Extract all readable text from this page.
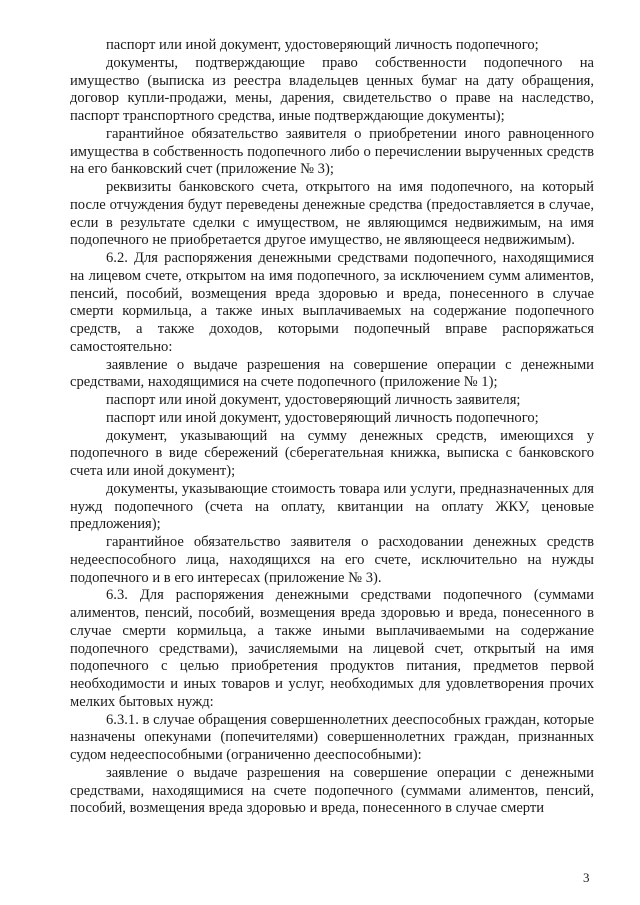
паспорт или иной документ, удостоверяющий личность подопечного;

документы, подтверждающие право собственности подопечного на имуществo (выписка из реестра владельцев ценных бумаг на дату обращения, договор купли-продажи, мены, дарения, свидетельство о праве на наследство, паспорт транспортного средства, иные подтверждающие документы);

гарантийное обязательство заявителя о приобретении иного равноценного имущества в собственность подопечного либо о перечислении вырученных средств на его банковский счет (приложение № 3);

реквизиты банковского счета, открытого на имя подопечного, на который после отчуждения будут переведены денежные средства (предоставляется в случае, если в результате сделки с имуществом, не являющимся недвижимым, на имя подопечного не приобретается другое имущество, не являющееся недвижимым).

6.2. Для распоряжения денежными средствами подопечного, находящимися на лицевом счете, открытом на имя подопечного, за исключением сумм алиментов, пенсий, пособий, возмещения вреда здоровью и вреда, понесенного в случае смерти кормильца, а также иных выплачиваемых на содержание подопечного средств, а также доходов, которыми подопечный вправе распоряжаться самостоятельно:

заявление о выдаче разрешения на совершение операции с денежными средствами, находящимися на счете подопечного (приложение № 1);

паспорт или иной документ, удостоверяющий личность заявителя;

паспорт или иной документ, удостоверяющий личность подопечного;

документ, указывающий на сумму денежных средств, имеющихся у подопечного в виде сбережений (сберегательная книжка, выписка с банковского счета или иной документ);

документы, указывающие стоимость товара или услуги, предназначенных для нужд подопечного (счета на оплату, квитанции на оплату ЖКУ, ценовые предложения);

гарантийное обязательство заявителя о расходовании денежных средств недееспособного лица, находящихся на его счете, исключительно на нужды подопечного и в его интересах (приложение № 3).

6.3. Для распоряжения денежными средствами подопечного (суммами алиментов, пенсий, пособий, возмещения вреда здоровью и вреда, понесенного в случае смерти кормильца, а также иными выплачиваемыми на содержание подопечного средствами), зачисляемыми на лицевой счет, открытый на имя подопечного с целью приобретения продуктов питания, предметов первой необходимости и иных товаров и услуг, необходимых для удовлетворения прочих мелких бытовых нужд:

6.3.1. в случае обращения совершеннолетних дееспособных граждан, которые назначены опекунами (попечителями) совершеннолетних граждан, признанных судом недееспособными (ограниченно дееспособными):

заявление о выдаче разрешения на совершение операции с денежными средствами, находящимися на счете подопечного (суммами алиментов, пенсий, пособий, возмещения вреда здоровью и вреда, понесенного в случае смерти

3
